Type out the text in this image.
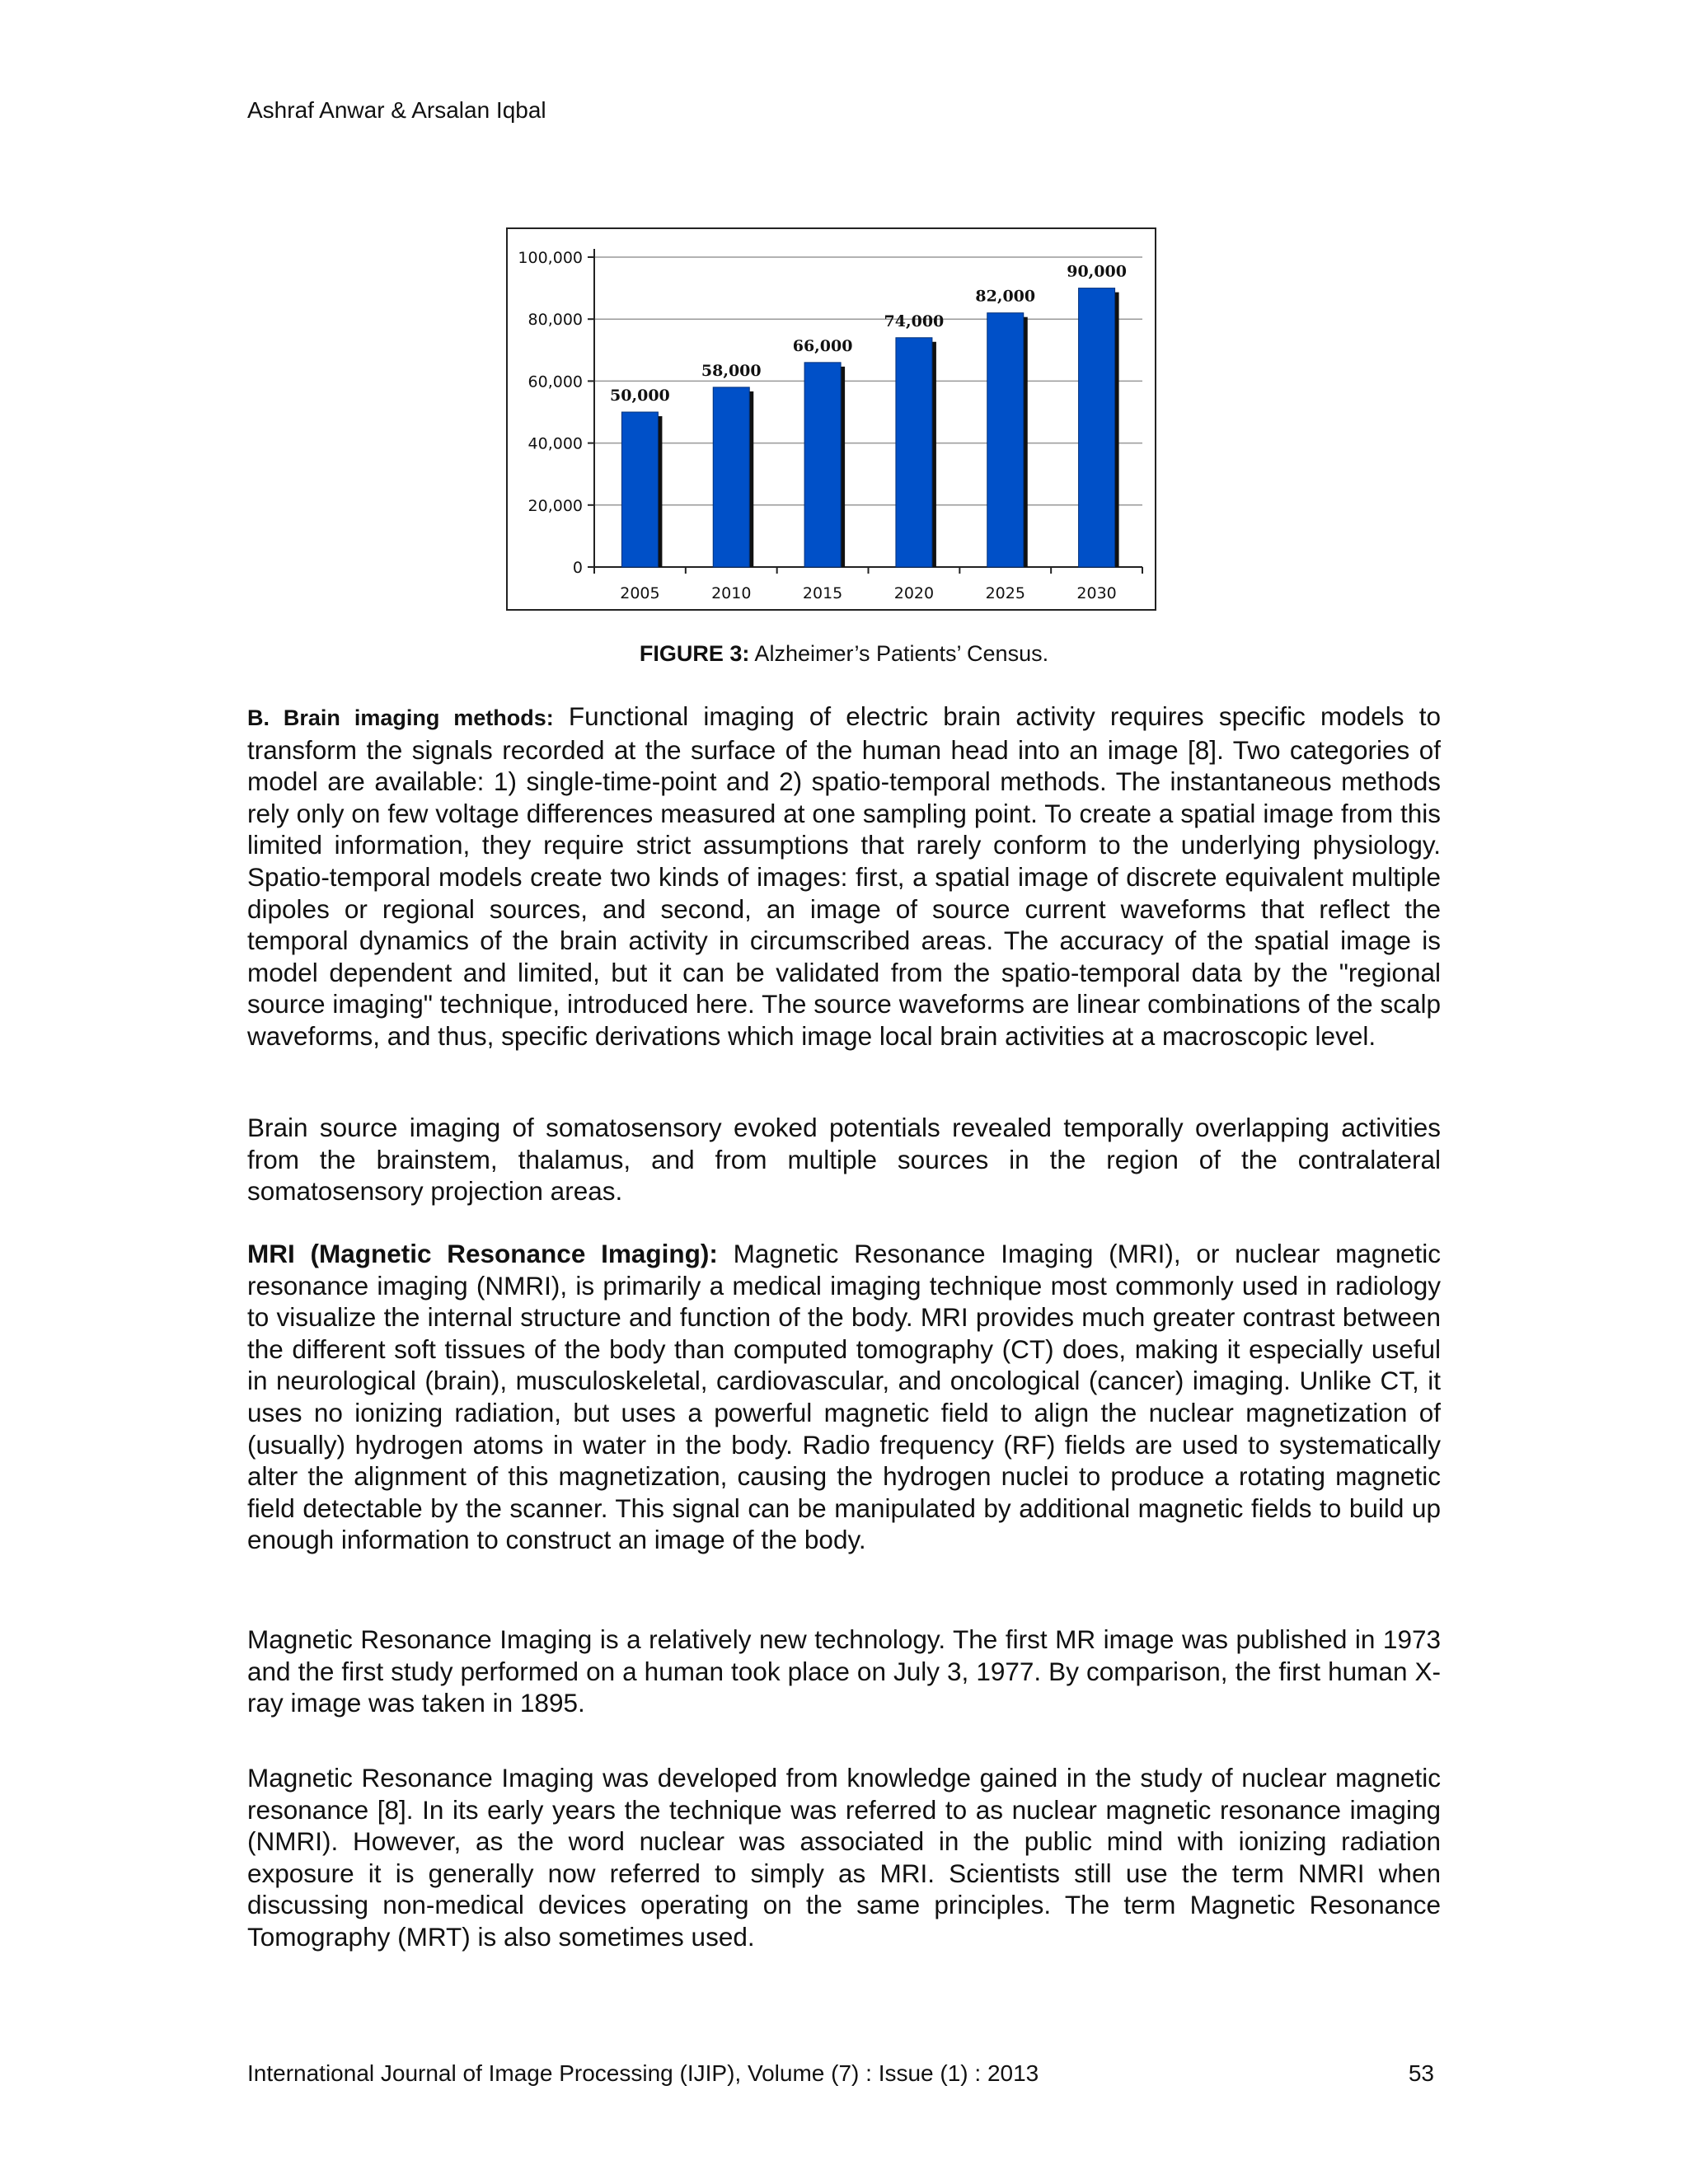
Ashraf Anwar & Arsalan Iqbal
0
20,000
40,000
60,000
80,000
100,000
50,000
2005
58,000
2010
66,000
2015
74,000
2020
82,000
2025
90,000
2030
FIGURE 3: Alzheimer’s Patients’ Census.

B. Brain imaging methods: Functional imaging of electric brain activity requires specific models to transform the signals recorded at the surface of the human head into an image [8]. Two categories of model are available: 1) single-time-point and 2) spatio-temporal methods. The instantaneous methods rely only on few voltage differences measured at one sampling point. To create a spatial image from this limited information, they require strict assumptions that rarely conform to the underlying physiology. Spatio-temporal models create two kinds of images: first, a spatial image of discrete equivalent multiple dipoles or regional sources, and second, an image of source current waveforms that reflect the temporal dynamics of the brain activity in circumscribed areas. The accuracy of the spatial image is model dependent and limited, but it can be validated from the spatio-temporal data by the "regional source imaging" technique, introduced here. The source waveforms are linear combinations of the scalp waveforms, and thus, specific derivations which image local brain activities at a macroscopic level.

Brain source imaging of somatosensory evoked potentials revealed temporally overlapping activities from the brainstem, thalamus, and from multiple sources in the region of the contralateral somatosensory projection areas.

MRI (Magnetic Resonance Imaging): Magnetic Resonance Imaging (MRI), or nuclear magnetic resonance imaging (NMRI), is primarily a medical imaging technique most commonly used in radiology to visualize the internal structure and function of the body. MRI provides much greater contrast between the different soft tissues of the body than computed tomography (CT) does, making it especially useful in neurological (brain), musculoskeletal, cardiovascular, and oncological (cancer) imaging. Unlike CT, it uses no ionizing radiation, but uses a powerful magnetic field to align the nuclear magnetization of (usually) hydrogen atoms in water in the body. Radio frequency (RF) fields are used to systematically alter the alignment of this magnetization, causing the hydrogen nuclei to produce a rotating magnetic field detectable by the scanner. This signal can be manipulated by additional magnetic fields to build up enough information to construct an image of the body.

Magnetic Resonance Imaging is a relatively new technology. The first MR image was published in 1973 and the first study performed on a human took place on July 3, 1977. By comparison, the first human X-ray image was taken in 1895.

Magnetic Resonance Imaging was developed from knowledge gained in the study of nuclear magnetic resonance [8]. In its early years the technique was referred to as nuclear magnetic resonance imaging (NMRI). However, as the word nuclear was associated in the public mind with ionizing radiation exposure it is generally now referred to simply as MRI. Scientists still use the term NMRI when discussing non-medical devices operating on the same principles. The term Magnetic Resonance Tomography (MRT) is also sometimes used.

International Journal of Image Processing (IJIP), Volume (7) : Issue (1) : 2013	53
